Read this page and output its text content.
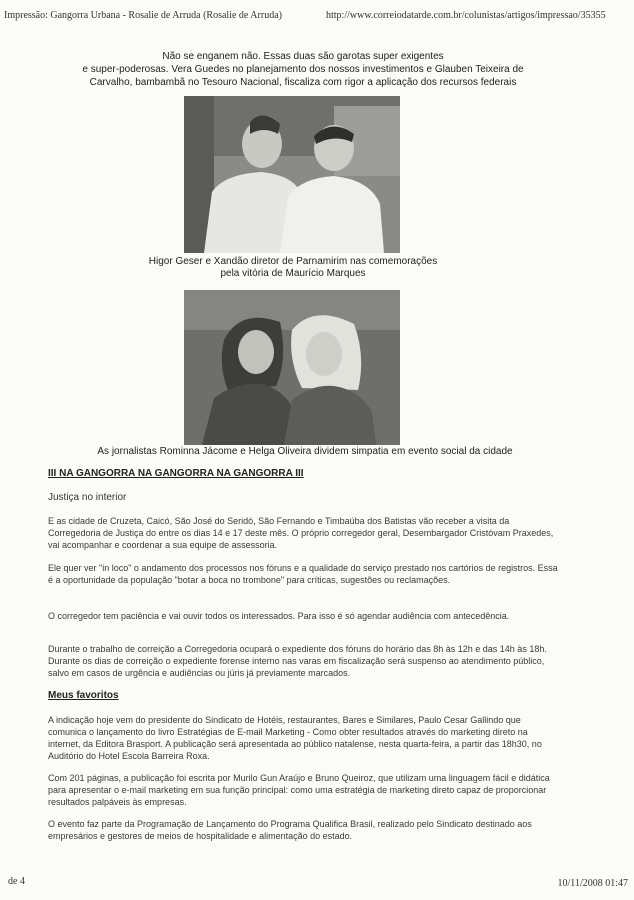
Impressão: Gangorra Urbana - Rosalie de Arruda (Rosalie de Arruda)	http://www.correiodatarde.com.br/colunistas/artigos/impressao/35355
Não se enganem não. Essas duas são garotas super exigentes
e super-poderosas. Vera Guedes no planejamento dos nossos investimentos e Glauben Teixeira de
Carvalho, bambambã no Tesouro Nacional, fiscaliza com rigor a aplicação dos recursos federais
Higor Geser e Xandão diretor de Parnamirim nas comemorações
pela vitória de Maurício Marques
As jornalistas Rominna Jácome e Helga Oliveira dividem simpatia em evento social da cidade
III NA GANGORRA NA GANGORRA NA GANGORRA III
Justiça no interior
E as cidade de Cruzeta, Caicó, São José do Seridó, São Fernando e Timbaúba dos Batistas vão receber a visita da Corregedoria de Justiça do entre os dias 14 e 17 deste mês. O próprio corregedor geral, Desembargador Cristóvam Praxedes, vai acompanhar e coordenar a sua equipe de assessoria.
Ele quer ver "in loco" o andamento dos processos nos fóruns e a qualidade do serviço prestado nos cartórios de registros. Essa é a oportunidade da população "botar a boca no trombone" para críticas, sugestões ou reclamações.
O corregedor tem paciência e vai ouvir todos os interessados. Para isso é só agendar audiência com antecedência.
Durante o trabalho de correição a Corregedoria ocupará o expediente dos fóruns do horário das 8h às 12h e das 14h às 18h. Durante os dias de correição o expediente forense interno nas varas em fiscalização será suspenso ao atendimento público, salvo em casos de urgência e audiências ou júris já previamente marcados.
Meus favoritos
A indicação hoje vem do presidente do Sindicato de Hotéis, restaurantes, Bares e Similares, Paulo Cesar Gallindo que comunica o lançamento do livro Estratégias de E-mail Marketing - Como obter resultados através do marketing direto na internet, da Editora Brasport. A publicação será apresentada ao público natalense, nesta quarta-feira, a partir das 18h30, no Auditório do Hotel Escola Barreira Roxa.
Com 201 páginas, a publicação foi escrita por Murilo Gun Araújo e Bruno Queiroz, que utilizam uma linguagem fácil e didática para apresentar o e-mail marketing em sua função principal: como uma estratégia de marketing direto capaz de proporcionar resultados palpáveis às empresas.
O evento faz parte da Programação de Lançamento do Programa Qualifica Brasil, realizado pelo Sindicato destinado aos empresários e gestores de meios de hospitalidade e alimentação do estado.
de 4	10/11/2008 01:47
